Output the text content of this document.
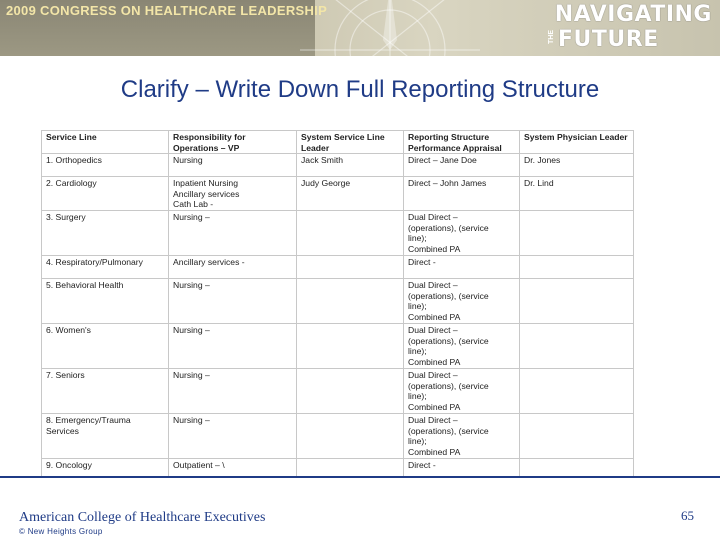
2009 CONGRESS ON HEALTHCARE LEADERSHIP	NAVIGATING
THE FUTURE
Clarify – Write Down Full Reporting Structure
Service Line	Responsibility for Operations – VP	System Service Line Leader	Reporting Structure Performance Appraisal	System Physician Leader
1. Orthopedics	Nursing	Jack Smith	Direct – Jane Doe	Dr. Jones
2. Cardiology	Inpatient Nursing
Ancillary services
Cath Lab -	Judy George	Direct – John James	Dr. Lind
3. Surgery	Nursing –		Dual Direct –
(operations), (service
line);
Combined PA	
4. Respiratory/Pulmonary	Ancillary services -		Direct -	
5. Behavioral Health	Nursing –		Dual Direct –
(operations), (service
line);
Combined PA	
6. Women's	Nursing –		Dual Direct –
(operations), (service
line);
Combined PA	
7. Seniors	Nursing –		Dual Direct –
(operations), (service
line);
Combined PA	
8. Emergency/Trauma
Services	Nursing –		Dual Direct –
(operations), (service
line);
Combined PA	
9. Oncology	Outpatient – \		Direct -	
American College of Healthcare Executives
© New Heights Group
65
